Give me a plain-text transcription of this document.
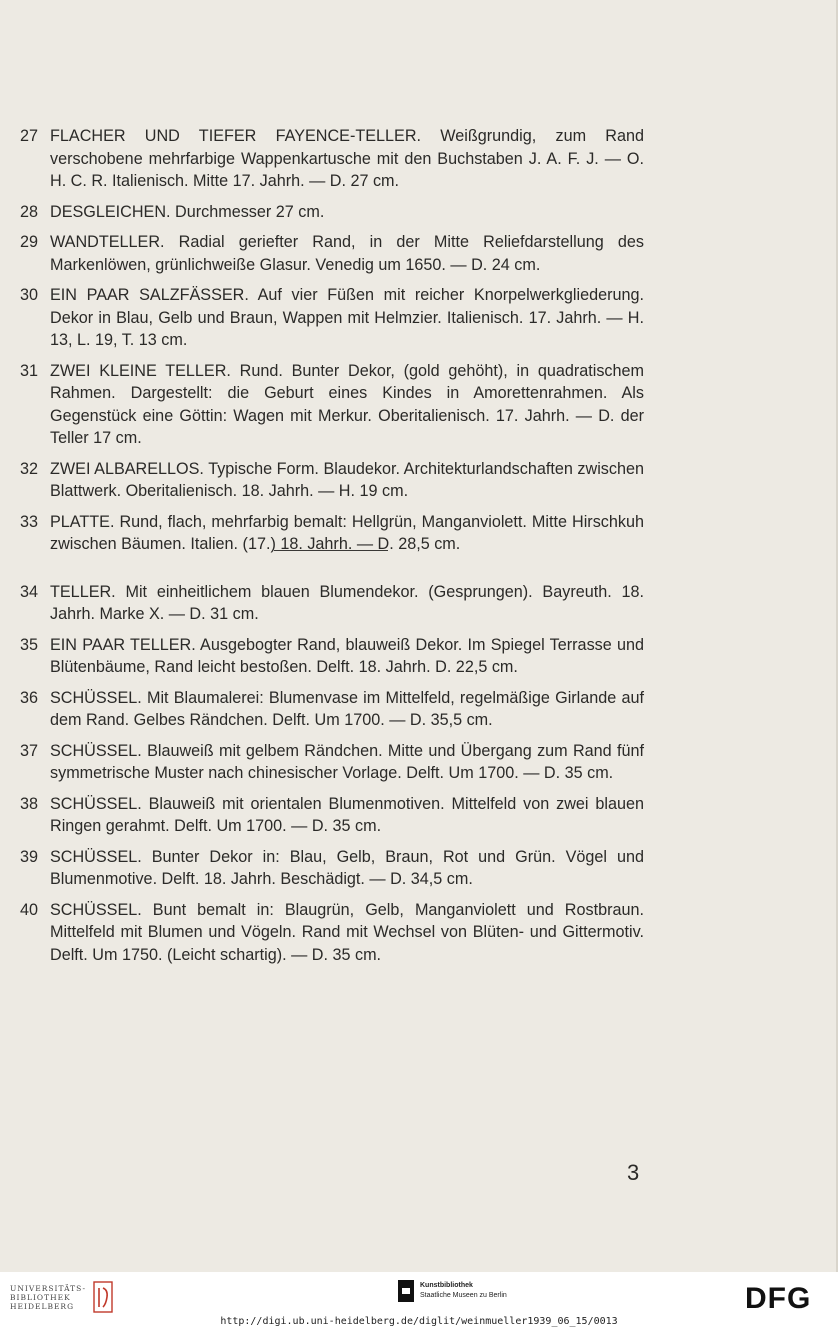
27 FLACHER UND TIEFER FAYENCE-TELLER. Weißgrundig, zum Rand verschobene mehrfarbige Wappenkartusche mit den Buchstaben J. A. F. J. — O. H. C. R. Italienisch. Mitte 17. Jahrh. — D. 27 cm.
28 DESGLEICHEN. Durchmesser 27 cm.
29 WANDTELLER. Radial geriefter Rand, in der Mitte Reliefdarstellung des Markenlöwen, grünlichweiße Glasur. Venedig um 1650. — D. 24 cm.
30 EIN PAAR SALZFÄSSER. Auf vier Füßen mit reicher Knorpelwerkgliederung. Dekor in Blau, Gelb und Braun, Wappen mit Helmzier. Italienisch. 17. Jahrh. — H. 13, L. 19, T. 13 cm.
31 ZWEI KLEINE TELLER. Rund. Bunter Dekor, (gold gehöht), in quadratischem Rahmen. Dargestellt: die Geburt eines Kindes in Amorettenrahmen. Als Gegenstück eine Göttin: Wagen mit Merkur. Oberitalienisch. 17. Jahrh. — D. der Teller 17 cm.
32 ZWEI ALBARELLOS. Typische Form. Blaudekor. Architekturlandschaften zwischen Blattwerk. Oberitalienisch. 18. Jahrh. — H. 19 cm.
33 PLATTE. Rund, flach, mehrfarbig bemalt: Hellgrün, Manganviolett. Mitte Hirschkuh zwischen Bäumen. Italien. (17.) 18. Jahrh. — D. 28,5 cm.
34 TELLER. Mit einheitlichem blauen Blumendekor. (Gesprungen). Bayreuth. 18. Jahrh. Marke X. — D. 31 cm.
35 EIN PAAR TELLER. Ausgebogter Rand, blauweiß Dekor. Im Spiegel Terrasse und Blütenbäume, Rand leicht bestoßen. Delft. 18. Jahrh. D. 22,5 cm.
36 SCHÜSSEL. Mit Blaumalerei: Blumenvase im Mittelfeld, regelmäßige Girlande auf dem Rand. Gelbes Rändchen. Delft. Um 1700. — D. 35,5 cm.
37 SCHÜSSEL. Blauweiß mit gelbem Rändchen. Mitte und Übergang zum Rand fünf symmetrische Muster nach chinesischer Vorlage. Delft. Um 1700. — D. 35 cm.
38 SCHÜSSEL. Blauweiß mit orientalen Blumenmotiven. Mittelfeld von zwei blauen Ringen gerahmt. Delft. Um 1700. — D. 35 cm.
39 SCHÜSSEL. Bunter Dekor in: Blau, Gelb, Braun, Rot und Grün. Vögel und Blumenmotive. Delft. 18. Jahrh. Beschädigt. — D. 34,5 cm.
40 SCHÜSSEL. Bunt bemalt in: Blaugrün, Gelb, Manganviolett und Rostbraun. Mittelfeld mit Blumen und Vögeln. Rand mit Wechsel von Blüten- und Gittermotiv. Delft. Um 1750. (Leicht schartig). — D. 35 cm.
3
UNIVERSITÄTS-
BIBLIOTHEK
HEIDELBERG
Kunstbibliothek
Staatliche Museen zu Berlin	DFG
http://digi.ub.uni-heidelberg.de/diglit/weinmueller1939_06_15/0013
